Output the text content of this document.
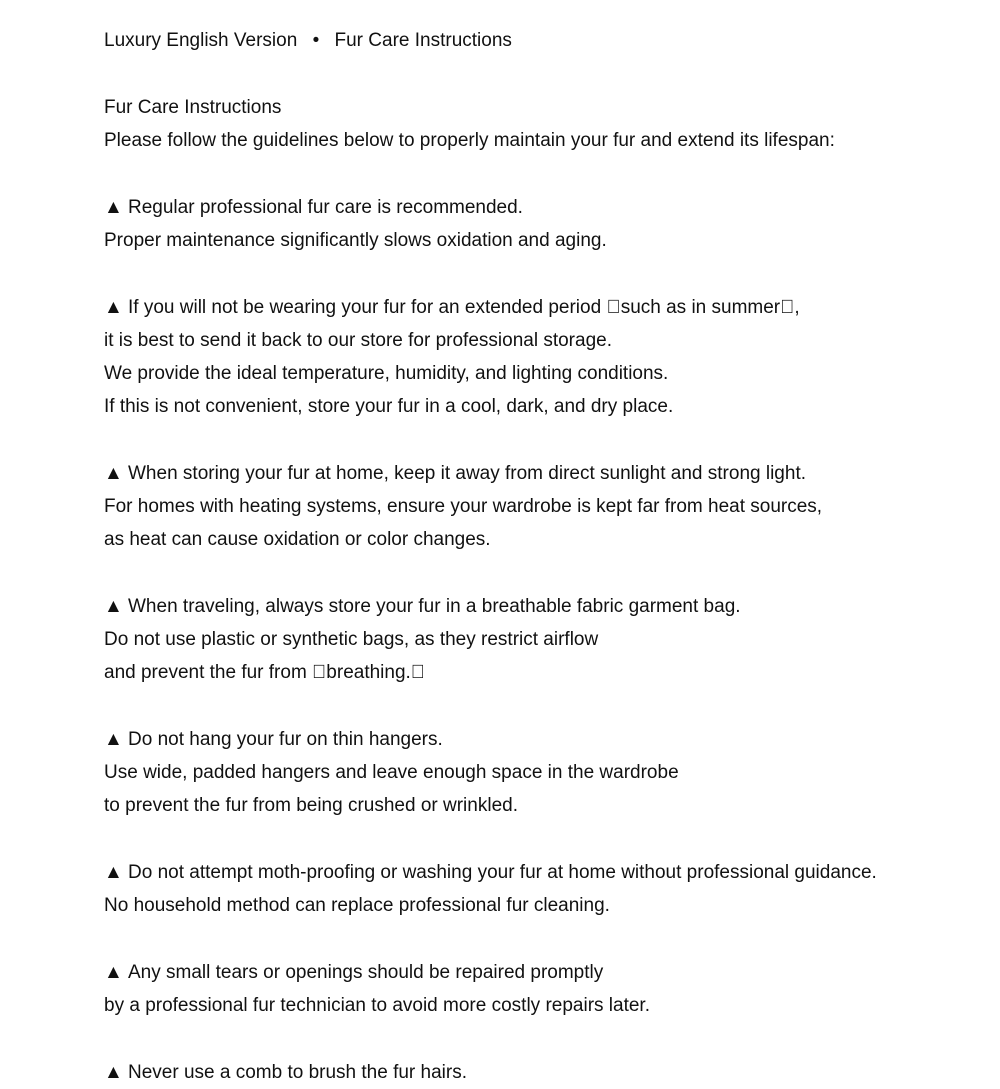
Luxury English Version • Fur Care Instructions
Fur Care Instructions
Please follow the guidelines below to properly maintain your fur and extend its lifespan:
▲ Regular professional fur care is recommended.
Proper maintenance significantly slows oxidation and aging.
▲ If you will not be wearing your fur for an extended period  such as in summer ,
it is best to send it back to our store for professional storage.
We provide the ideal temperature, humidity, and lighting conditions.
If this is not convenient, store your fur in a cool, dark, and dry place.
▲ When storing your fur at home, keep it away from direct sunlight and strong light.
For homes with heating systems, ensure your wardrobe is kept far from heat sources,
as heat can cause oxidation or color changes.
▲ When traveling, always store your fur in a breathable fabric garment bag.
Do not use plastic or synthetic bags, as they restrict airflow
and prevent the fur from  breathing. 
▲ Do not hang your fur on thin hangers.
Use wide, padded hangers and leave enough space in the wardrobe
to prevent the fur from being crushed or wrinkled.
▲ Do not attempt moth-proofing or washing your fur at home without professional guidance.
No household method can replace professional fur cleaning.
▲ Any small tears or openings should be repaired promptly
by a professional fur technician to avoid more costly repairs later.
▲ Never use a comb to brush the fur hairs.
